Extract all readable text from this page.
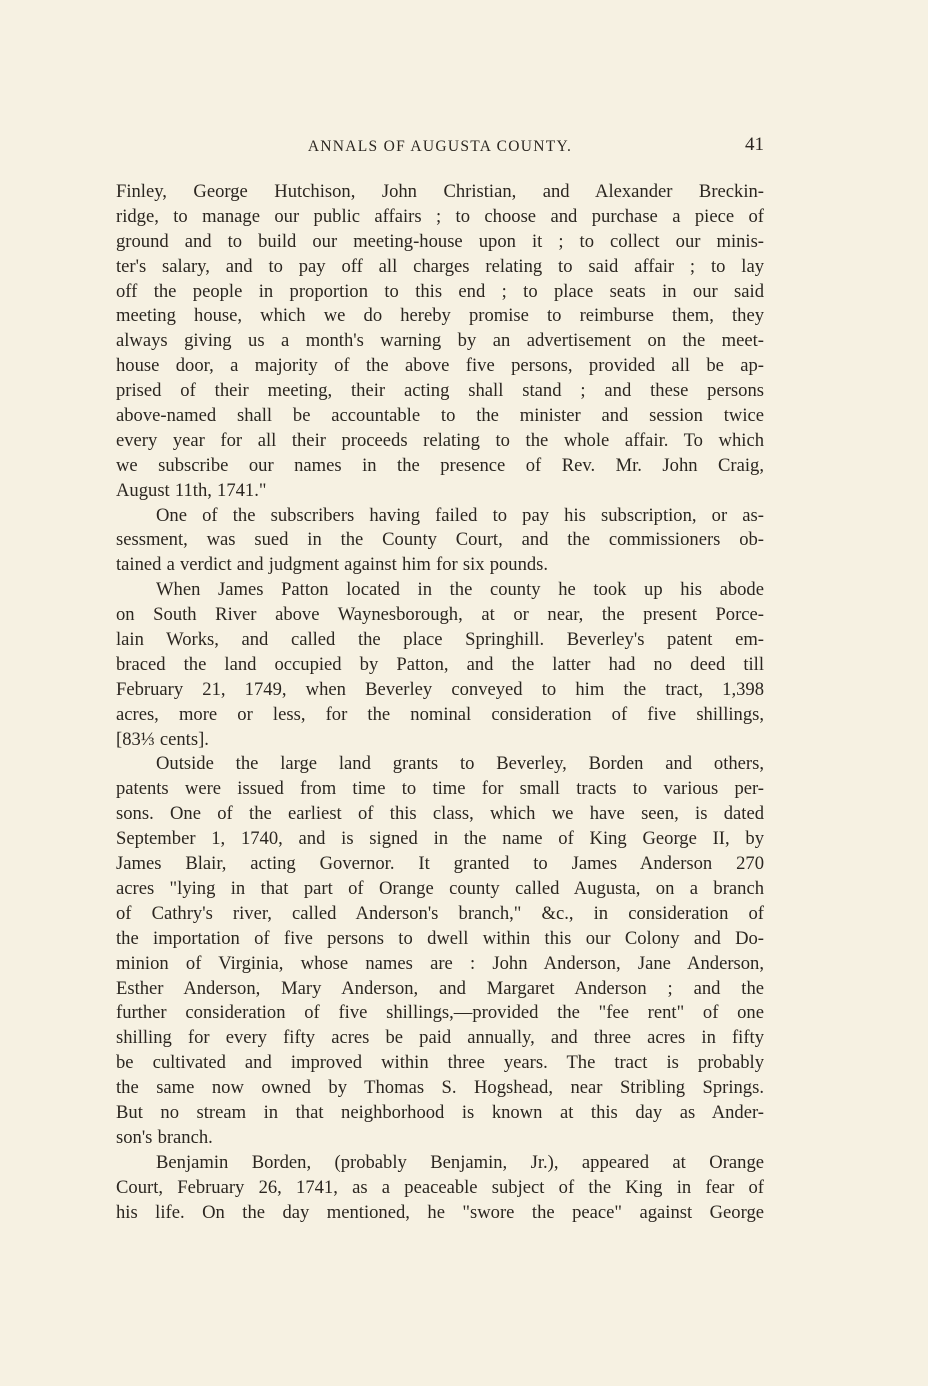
ANNALS OF AUGUSTA COUNTY.	41
Finley, George Hutchison, John Christian, and Alexander Breckin-
ridge, to manage our public affairs ; to choose and purchase a piece of
ground and to build our meeting-house upon it ; to collect our minis-
ter's salary, and to pay off all charges relating to said affair ; to lay
off the people in proportion to this end ; to place seats in our said
meeting house, which we do hereby promise to reimburse them, they
always giving us a month's warning by an advertisement on the meet-
house door, a majority of the above five persons, provided all be ap-
prised of their meeting, their acting shall stand ; and these persons
above-named shall be accountable to the minister and session twice
every year for all their proceeds relating to the whole affair. To which
we subscribe our names in the presence of Rev. Mr. John Craig,
August 11th, 1741."
One of the subscribers having failed to pay his subscription, or as-
sessment, was sued in the County Court, and the commissioners ob-
tained a verdict and judgment against him for six pounds.
When James Patton located in the county he took up his abode
on South River above Waynesborough, at or near, the present Porce-
lain Works, and called the place Springhill. Beverley's patent em-
braced the land occupied by Patton, and the latter had no deed till
February 21, 1749, when Beverley conveyed to him the tract, 1,398
acres, more or less, for the nominal consideration of five shillings,
[83⅓ cents].
Outside the large land grants to Beverley, Borden and others,
patents were issued from time to time for small tracts to various per-
sons. One of the earliest of this class, which we have seen, is dated
September 1, 1740, and is signed in the name of King George II, by
James Blair, acting Governor. It granted to James Anderson 270
acres "lying in that part of Orange county called Augusta, on a branch
of Cathry's river, called Anderson's branch," &c., in consideration of
the importation of five persons to dwell within this our Colony and Do-
minion of Virginia, whose names are : John Anderson, Jane Anderson,
Esther Anderson, Mary Anderson, and Margaret Anderson ; and the
further consideration of five shillings,—provided the "fee rent" of one
shilling for every fifty acres be paid annually, and three acres in fifty
be cultivated and improved within three years. The tract is probably
the same now owned by Thomas S. Hogshead, near Stribling Springs.
But no stream in that neighborhood is known at this day as Ander-
son's branch.
Benjamin Borden, (probably Benjamin, Jr.), appeared at Orange
Court, February 26, 1741, as a peaceable subject of the King in fear of
his life. On the day mentioned, he "swore the peace" against George
